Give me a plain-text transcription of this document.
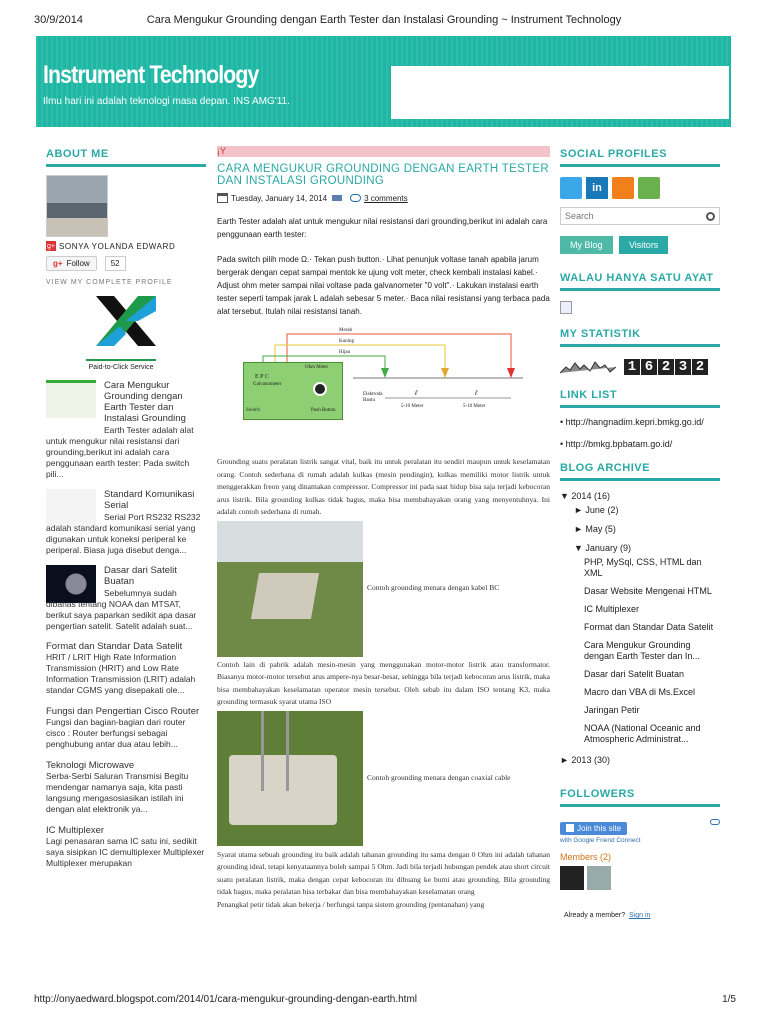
30/9/2014	Cara Mengukur Grounding dengan Earth Tester dan Instalasi Grounding ~ Instrument Technology
Instrument Technology
Ilmu hari ini adalah teknologi masa depan. INS AMG'11.
ABOUT ME
g+ SONYA YOLANDA EDWARD
g+ Follow	52
VIEW MY COMPLETE PROFILE
Paid-to-Click Service
Cara Mengukur Grounding dengan Earth Tester dan Instalasi Grounding
Earth Tester adalah alat untuk mengukur nilai resistansi dari grounding,berikut ini adalah cara penggunaan earth tester: Pada switch pili...
Standard Komunikasi Serial
Serial Port RS232 RS232 adalah standard komunikasi serial yang digunakan untuk koneksi periperal ke periperal. Biasa juga disebut denga...
Dasar dari Satelit Buatan
Sebelumnya sudah dibahas tentang NOAA dan MTSAT, berikut saya paparkan sedikit apa dasar pengertian satelit. Satelit adalah suat...
Format dan Standar Data Satelit
HRIT / LRIT High Rate Information Transmission (HRIT) and Low Rate Information Transmission (LRIT) adalah standar CGMS yang disepakati ole...
Fungsi dan Pengertian Cisco Router
Fungsi dan bagian-bagian dari router cisco : Router berfungsi sebagai penghubung antar dua atau lebih...
Teknologi Microwave
Serba-Serbi Saluran Transmisi Begitu mendengar namanya saja, kita pasti langsung mengasosiasikan istilah ini dengan alat elektronik ya...
IC Multiplexer
Lagi penasaran sama IC satu ini, sedikit saya sisipkan IC demultiplexer Multiplexer Multiplexer merupakan
¡Y
CARA MENGUKUR GROUNDING DENGAN EARTH TESTER DAN INSTALASI GROUNDING
Tuesday, January 14, 2014	3 comments

Earth Tester adalah alat untuk mengukur nilai resistansi dari grounding,berikut ini adalah cara penggunaan earth tester:

Pada switch pilih mode Ω.· Tekan push button.· Lihat penunjuk voltase tanah apabila jarum bergerak dengan cepat sampai mentok ke ujung volt meter, check kembali instalasi kabel.· Adjust ohm meter sampai nilai voltase pada galvanometer "0 volt".· Lakukan instalasi earth tester seperti tampak jarak L adalah sebesar 5 meter.· Baca nilai resistansi yang terbaca pada alat tersebut. Itulah nilai resistansi tanah.

Merah
Kuning
Hijau
Ohm Meter
E P C
Galvanometer
Switch	Push Button
Elektroda Bantu
ℓ	ℓ
5-10 Meter	5-10 Meter

Grounding suatu peralatan listrik sangat vital, baik itu untuk peralatan itu sendiri maupun untuk keselamatan orang. Contoh sederhana di rumah adalah kulkas (mesin pendingin), kulkas memiliki motor listrik untuk menggerakkan freon yang dinamakan compressor. Compressor ini pada saat hidup bisa saja terjadi kebocoran arus listrik. Bila grounding kulkas tidak bagus, maka bisa membahayakan orang yang menyentuhnya. Ini adalah contoh sederhana di rumah.

Contoh grounding menara dengan kabel BC

Contoh lain di pabrik adalah mesin-mesin yang menggunakan motor-motor listrik atau transformator. Biasanya motor-motor tersebut arus ampere-nya besar-besar, sehingga bila terjadi kebocoran arus listrik, maka bisa membahayakan keselamatan operator mesin tersebut. Oleh sebab itu dalam ISO tentang K3, maka grounding termasuk syarat utama ISO

Contoh grounding menara dengan coaxial cable

Syarat utama sebuah grounding itu baik adalah tahanan grounding itu sama dengan 0 Ohm ini adalah tahanan grounding ideal, tetapi kenyataannya boleh sampai 5 Ohm. Jadi bila terjadi hubungan pendek atau short circuit suatu peralatan listrik, maka dengan cepat kebocoran itu dibuang ke bumi atau grounding. Bila grounding tidak bagus, maka peralatan bisa terbakar dan bisa membahayakan keselamatan orang

Penangkal petir tidak akan bekerja / berfungsi tanpa sistem grounding (pentanahan) yang

SOCIAL PROFILES
in
Search
My Blog	Visitors
WALAU HANYA SATU AYAT
MY STATISTIK
1 6 2 3 2
LINK LIST
• http://hangnadim.kepri.bmkg.go.id/
• http://bmkg.bpbatam.go.id/
BLOG ARCHIVE
▼ 2014 (16)
► June (2)
► May (5)
▼ January (9)
PHP, MySql, CSS, HTML dan XML
Dasar Website Mengenai HTML
IC Multiplexer
Format dan Standar Data Satelit
Cara Mengukur Grounding dengan Earth Tester dan In...
Dasar dari Satelit Buatan
Macro dan VBA di Ms.Excel
Jaringan Petir
NOAA (National Oceanic and Atmospheric Administrat...
► 2013 (30)
FOLLOWERS
Join this site
with Google Friend Connect
Members (2)
Already a member? Sign in
http://onyaedward.blogspot.com/2014/01/cara-mengukur-grounding-dengan-earth.html	1/5
